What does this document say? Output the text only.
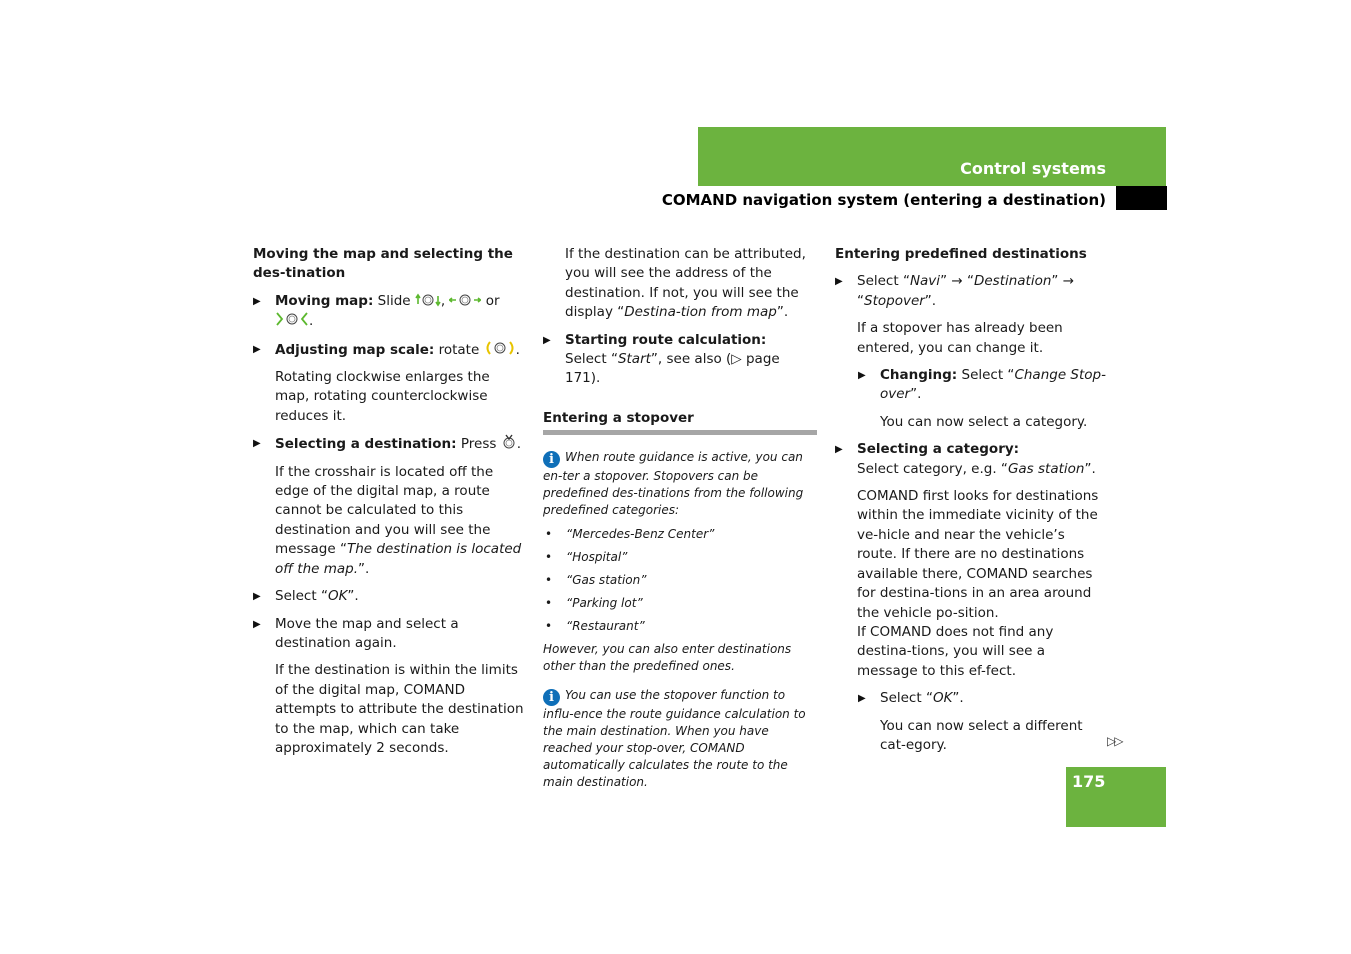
Control systems
COMAND navigation system (entering a destination)
Moving the map and selecting the des-tination
▶ Moving map: Slide ,  or
.
▶ Adjusting map scale: rotate .
Rotating clockwise enlarges the map, rotating counterclockwise reduces it.
▶ Selecting a destination: Press .
If the crosshair is located off the edge of the digital map, a route cannot be calculated to this destination and you will see the message “The destination is located off the map.”.
▶ Select “OK”.
▶ Move the map and select a destination again.
If the destination is within the limits of the digital map, COMAND attempts to attribute the destination to the map, which can take approximately 2 seconds.
If the destination can be attributed, you will see the address of the destination. If not, you will see the display “Destina-tion from map”.
▶ Starting route calculation:
Select “Start”, see also (▷ page 171).
Entering a stopover
i When route guidance is active, you can en-ter a stopover. Stopovers can be predefined des-tinations from the following predefined categories:
• “Mercedes-Benz Center”
• “Hospital”
• “Gas station”
• “Parking lot”
• “Restaurant”
However, you can also enter destinations other than the predefined ones.
i You can use the stopover function to influ-ence the route guidance calculation to the main destination. When you have reached your stop-over, COMAND automatically calculates the route to the main destination.
Entering predefined destinations
▶ Select “Navi” → “Destination” → “Stopover”.
If a stopover has already been entered, you can change it.
▶ Changing: Select “Change Stop-over”.
You can now select a category.
▶ Selecting a category:
Select category, e.g. “Gas station”.
COMAND first looks for destinations within the immediate vicinity of the ve-hicle and near the vehicle’s route. If there are no destinations available there, COMAND searches for destina-tions in an area around the vehicle po-sition.
If COMAND does not find any destina-tions, you will see a message to this ef-fect.
▶ Select “OK”.
You can now select a different cat-egory.	▷▷
175
